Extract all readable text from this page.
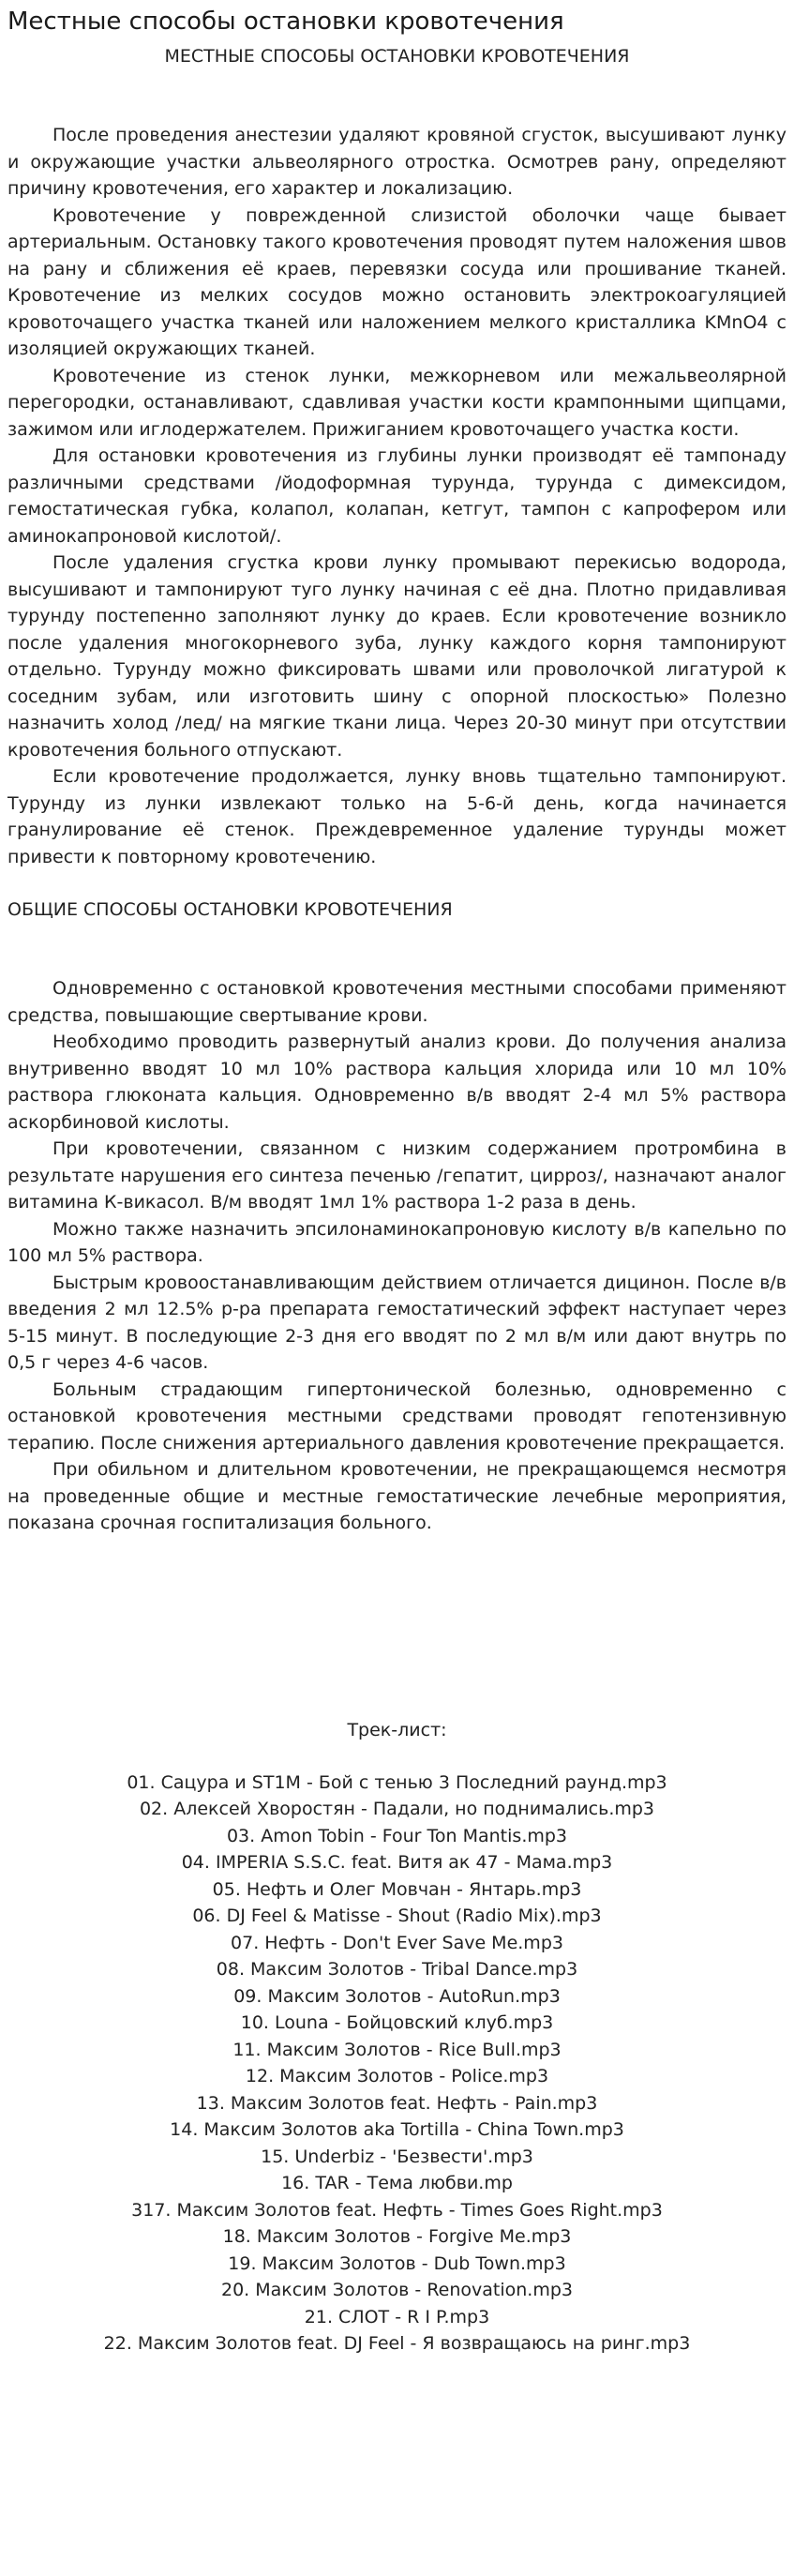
Местные способы остановки кровотечения
МЕСТНЫЕ СПОСОБЫ ОСТАНОВКИ КРОВОТЕЧЕНИЯ

После проведения анестезии удаляют кровяной сгусток, высушивают лунку и окружающие участки альвеолярного отростка. Осмотрев рану, определяют причину кровотечения, его характер и локализацию.

Кровотечение у поврежденной слизистой оболочки чаще бывает артериальным. Остановку такого кровотечения проводят путем наложения швов на рану и сближения её краев, перевязки сосуда или прошивание тканей. Кровотечение из мелких сосудов можно остановить электрокоагуляцией кровоточащего участка тканей или наложением мелкого кристаллика KMnO4 с изоляцией окружающих тканей.

Кровотечение из стенок лунки, межкорневом или межальвеолярной перегородки, останавливают, сдавливая участки кости крампонными щипцами, зажимом или иглодержателем. Прижиганием кровоточащего участка кости.

Для остановки кровотечения из глубины лунки производят её тампонаду различными средствами /йодоформная турунда, турунда с димексидом, гемостатическая губка, колапол, колапан, кетгут, тампон с капрофером или аминокапроновой кислотой/.

После удаления сгустка крови лунку промывают перекисью водорода, высушивают и тампонируют тугo лунку начиная с её дна. Плотно придавливая турунду постепенно заполняют лунку до краев. Если кровотечение возникло после удаления многокорневого зуба, лунку каждого корня тампонируют отдельно. Турунду можно фиксировать швами или проволочкой лигатурой к соседним зубам, или изготовить шину с опорной плоскостью» Полезно назначить холод /лед/ на мягкие ткани лица. Через 20-30 минут при отсутствии кровотечения больного отпускают.

Если кровотечение продолжается, лунку вновь тщательно тампонируют. Турунду из лунки извлекают только на 5-6-й день, когда начинается гранулирование её стенок. Преждевременное удаление турунды может привести к повторному кровотечению.

ОБЩИЕ СПОСОБЫ ОСТАНОВКИ КРОВОТЕЧЕНИЯ

Одновременно с остановкой кровотечения местными способами применяют средства, повышающие свертывание крови.

Необходимо проводить развернутый анализ крови. До получения анализа внутривенно вводят 10 мл 10% раствора кальция хлорида или 10 мл 10% раствора глюконата кальция. Одновременно в/в вводят 2-4 мл 5% раствора аскорбиновой кислоты.

При кровотечении, связанном с низким содержанием протромбина в результате нарушения его синтеза печенью /гепатит, цирроз/, назначают аналог витамина К-викасол. В/м вводят 1мл 1% раствора 1-2 раза в день.

Можно также назначить эпсилонаминокапроновую кислоту в/в капельно по 100 мл 5% раствора.

Быстрым кровоостанавливающим действием отличается дицинон. После в/в введения 2 мл 12.5% р-ра препарата гемостатический эффект наступает через 5-15 минут. В последующие 2-3 дня его вводят по 2 мл в/м или дают внутрь по 0,5 г через 4-6 часов.

Больным страдающим гипертонической болезнью, одновременно с остановкой кровотечения местными средствами проводят гепотензивную терапию. После снижения артериального давления кровотечение прекращается.

При обильном и длительном кровотечении, не прекращающемся несмотря на проведенные общие и местные гемостатические лечебные мероприятия, показана срочная госпитализация больного.

Трек-лист:
01. Сацура и ST1M - Бой с тенью 3 Последний раунд.mp3
02. Алексей Хворостян - Падали, но поднимались.mp3
03. Amon Tobin - Four Ton Mantis.mp3
04. IMPERIA S.S.C. feat. Витя ак 47 - Мама.mp3
05. Нефть и Олег Мовчан - Янтарь.mp3
06. DJ Feel & Matisse - Shout (Radio Mix).mp3
07. Нефть - Don't Ever Save Me.mp3
08. Максим Золотов - Tribal Dance.mp3
09. Максим Золотов - AutoRun.mp3
10. Louna - Бойцовский клуб.mp3
11. Максим Золотов - Rice Bull.mp3
12. Максим Золотов - Police.mp3
13. Максим Золотов feat. Нефть - Pain.mp3
14. Максим Золотов aka Tortilla - China Town.mp3
15. Underbiz - 'Безвести'.mp3
16. TAR - Тема любви.mp
317. Максим Золотов feat. Нефть - Times Goes Right.mp3
18. Максим Золотов - Forgive Me.mp3
19. Максим Золотов - Dub Town.mp3
20. Максим Золотов - Renovation.mp3
21. СЛОТ - R I P.mp3
22. Максим Золотов feat. DJ Feel - Я возвращаюсь на ринг.mp3
